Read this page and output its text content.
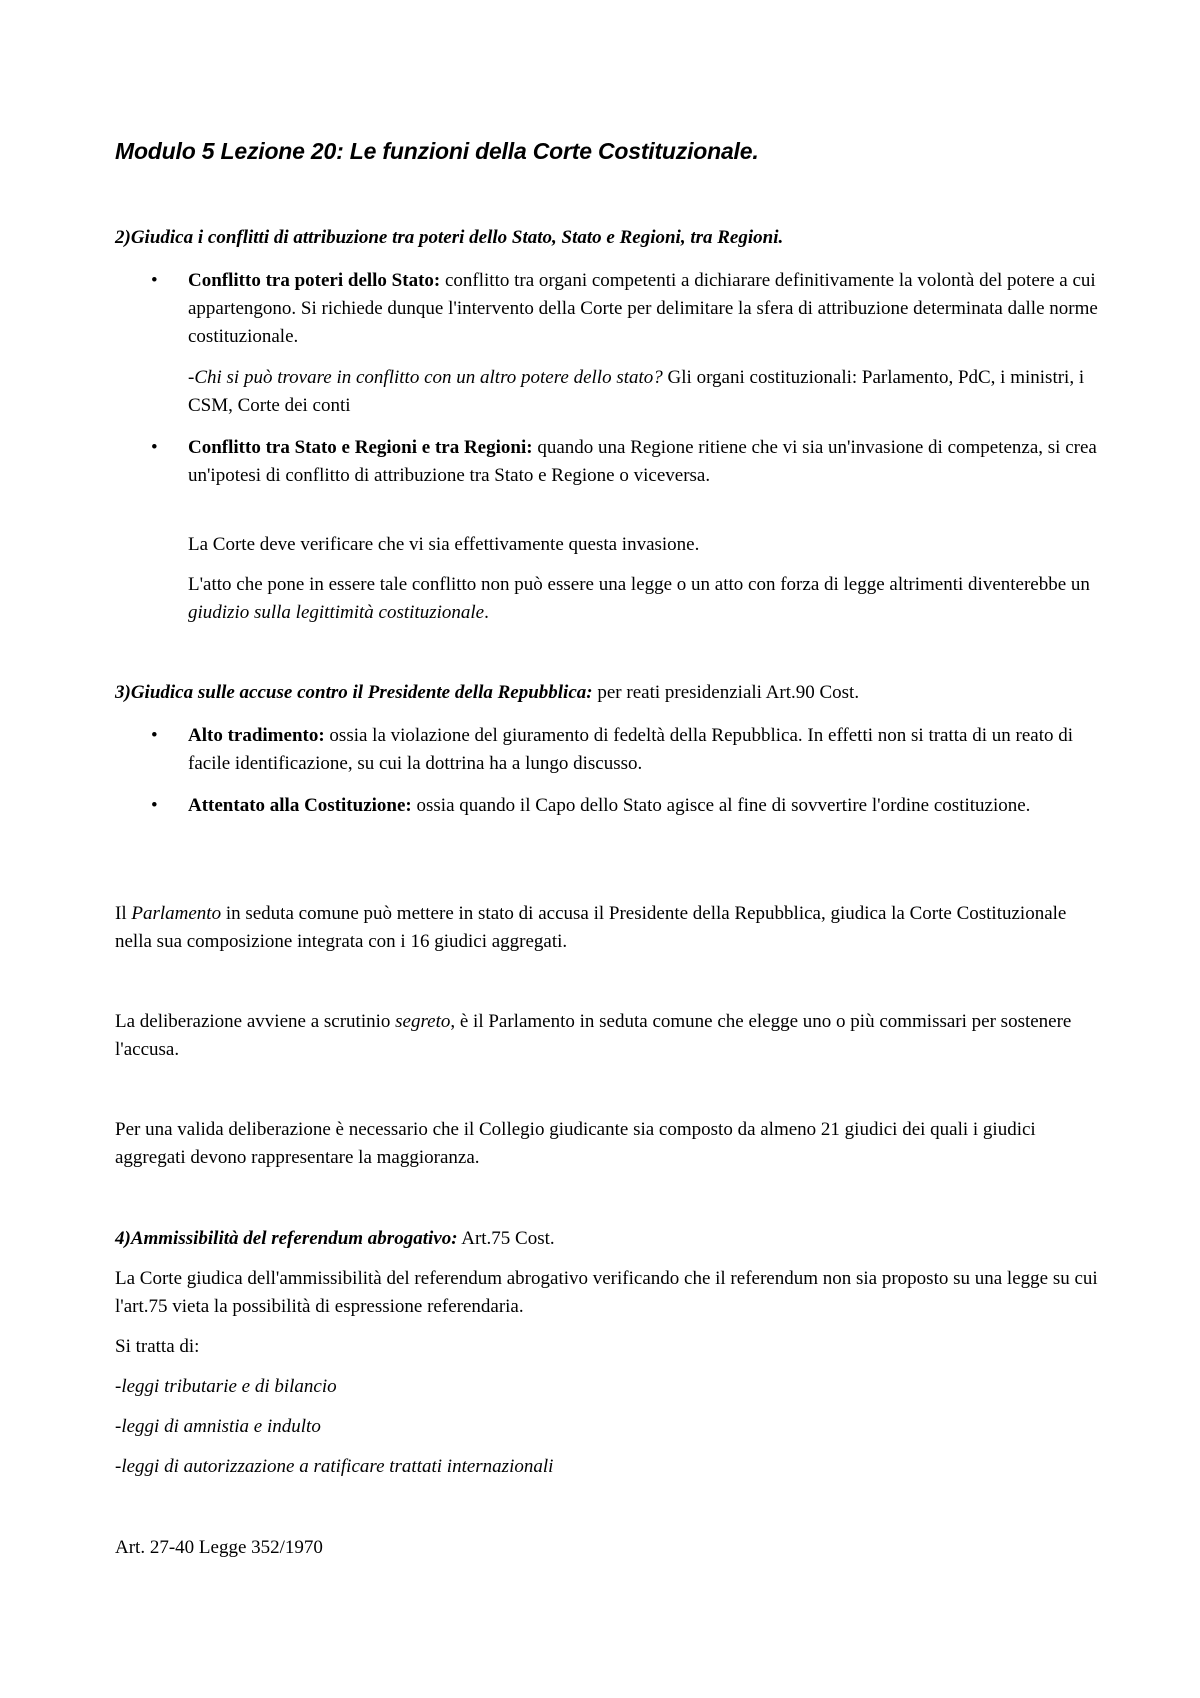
Modulo 5 Lezione 20: Le funzioni della Corte Costituzionale.

2)Giudica i conflitti di attribuzione tra poteri dello Stato, Stato e Regioni, tra Regioni.

• Conflitto tra poteri dello Stato: conflitto tra organi competenti a dichiarare definitivamente la volontà del potere a cui appartengono. Si richiede dunque l'intervento della Corte per delimitare la sfera di attribuzione determinata dalle norme costituzionale.

-Chi si può trovare in conflitto con un altro potere dello stato? Gli organi costituzionali: Parlamento, PdC, i ministri, i CSM, Corte dei conti

• Conflitto tra Stato e Regioni e tra Regioni: quando una Regione ritiene che vi sia un'invasione di competenza, si crea un'ipotesi di conflitto di attribuzione tra Stato e Regione o viceversa.

La Corte deve verificare che vi sia effettivamente questa invasione.

L'atto che pone in essere tale conflitto non può essere una legge o un atto con forza di legge altrimenti diventerebbe un giudizio sulla legittimità costituzionale.

3)Giudica sulle accuse contro il Presidente della Repubblica: per reati presidenziali Art.90 Cost.

• Alto tradimento: ossia la violazione del giuramento di fedeltà della Repubblica. In effetti non si tratta di un reato di facile identificazione, su cui la dottrina ha a lungo discusso.

• Attentato alla Costituzione: ossia quando il Capo dello Stato agisce al fine di sovvertire l'ordine costituzione.

Il Parlamento in seduta comune può mettere in stato di accusa il Presidente della Repubblica, giudica la Corte Costituzionale nella sua composizione integrata con i 16 giudici aggregati.

La deliberazione avviene a scrutinio segreto, è il Parlamento in seduta comune che elegge uno o più commissari per sostenere l'accusa.

Per una valida deliberazione è necessario che il Collegio giudicante sia composto da almeno 21 giudici dei quali i giudici aggregati devono rappresentare la maggioranza.

4)Ammissibilità del referendum abrogativo: Art.75 Cost.

La Corte giudica dell'ammissibilità del referendum abrogativo verificando che il referendum non sia proposto su una legge su cui l'art.75 vieta la possibilità di espressione referendaria.

Si tratta di:

-leggi tributarie e di bilancio

-leggi di amnistia e indulto

-leggi di autorizzazione a ratificare trattati internazionali

Art. 27-40 Legge 352/1970
